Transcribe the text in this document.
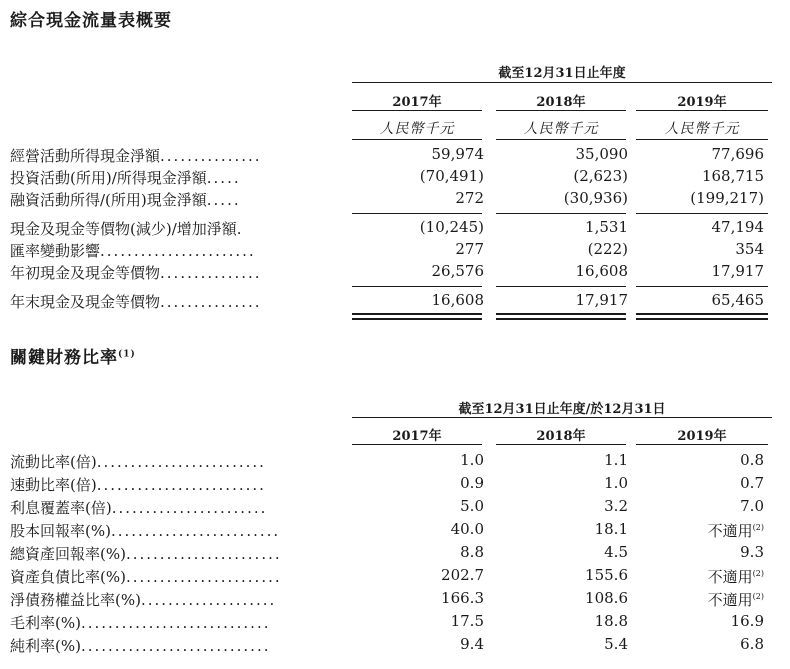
綜合現金流量表概要
截至12月31日止年度
2017年	2018年	2019年
人民幣千元	人民幣千元	人民幣千元
經營活動所得現金淨額...............	59,974	35,090	77,696
投資活動(所用)/所得現金淨額.....	(70,491)	(2,623)	168,715
融資活動所得/(所用)現金淨額.....	272	(30,936)	(199,217)
現金及現金等價物(減少)/增加淨額.	(10,245)	1,531	47,194
匯率變動影響.......................	277	(222)	354
年初現金及現金等價物...............	26,576	16,608	17,917
年末現金及現金等價物...............	16,608	17,917	65,465
關鍵財務比率$^{(1)}$
截至12月31日止年度/於12月31日
2017年	2018年	2019年
流動比率(倍).........................	1.0	1.1	0.8
速動比率(倍).........................	0.9	1.0	0.7
利息覆蓋率(倍).......................	5.0	3.2	7.0
股本回報率(%).........................	40.0	18.1	不適用$^{(2)}$
總資產回報率(%).......................	8.8	4.5	9.3
資產負債比率(%).......................	202.7	155.6	不適用$^{(2)}$
淨債務權益比率(%)....................	166.3	108.6	不適用$^{(2)}$
毛利率(%)............................	17.5	18.8	16.9
純利率(%)............................	9.4	5.4	6.8
